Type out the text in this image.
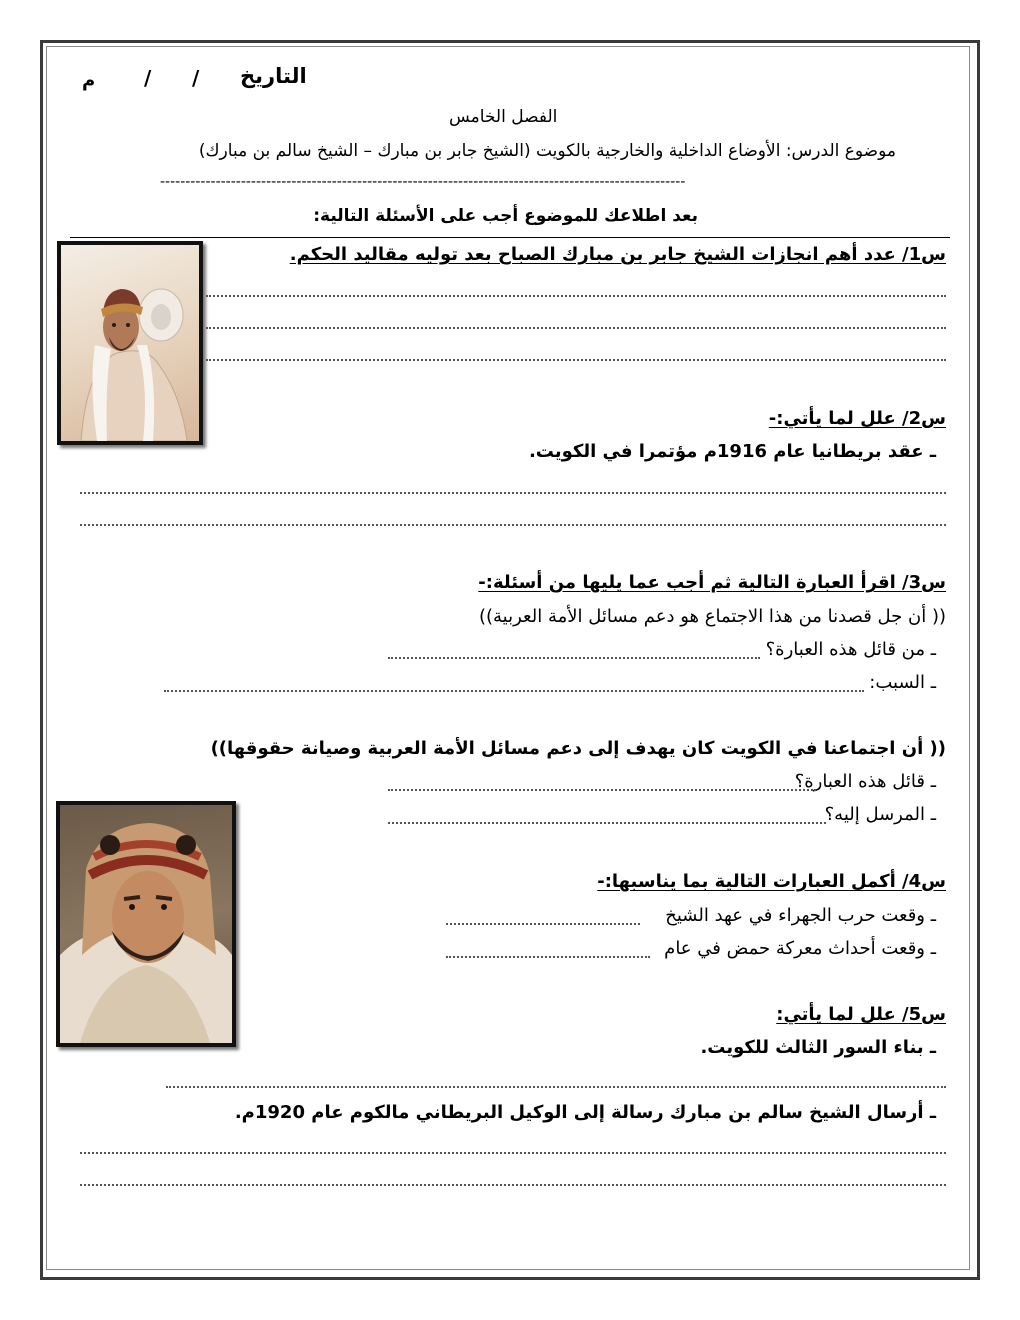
التاريخ
/
/
م
الفصل الخامس
موضوع الدرس: الأوضاع الداخلية والخارجية بالكويت (الشيخ جابر بن مبارك – الشيخ سالم بن مبارك)
--------------------------------------------------------------------------------------------------------
بعد اطلاعك للموضوع أجب على الأسئلة التالية:
س1/ عدد أهم انجازات الشيخ جابر بن مبارك الصباح بعد توليه مقاليد الحكم.
س2/ علل لما يأتي:-
ـ عقد بريطانيا عام 1916م مؤتمرا في الكويت.
س3/ اقرأ العبارة التالية ثم أجب عما يليها من أسئلة:-
(( أن جل قصدنا من هذا الاجتماع هو دعم مسائل الأمة العربية))
ـ من قائل هذه العبارة؟
ـ السبب:
(( أن اجتماعنا في الكويت كان يهدف إلى دعم مسائل الأمة العربية وصيانة حقوقها))
ـ قائل هذه العبارة؟
ـ المرسل إليه؟
س4/ أكمل العبارات التالية بما يناسبها:-
ـ وقعت حرب الجهراء في عهد الشيخ
ـ وقعت أحداث معركة حمض في عام
س5/ علل لما يأتي:
ـ بناء السور الثالث للكويت.
ـ أرسال الشيخ سالم بن مبارك رسالة إلى الوكيل البريطاني مالكوم عام 1920م.
